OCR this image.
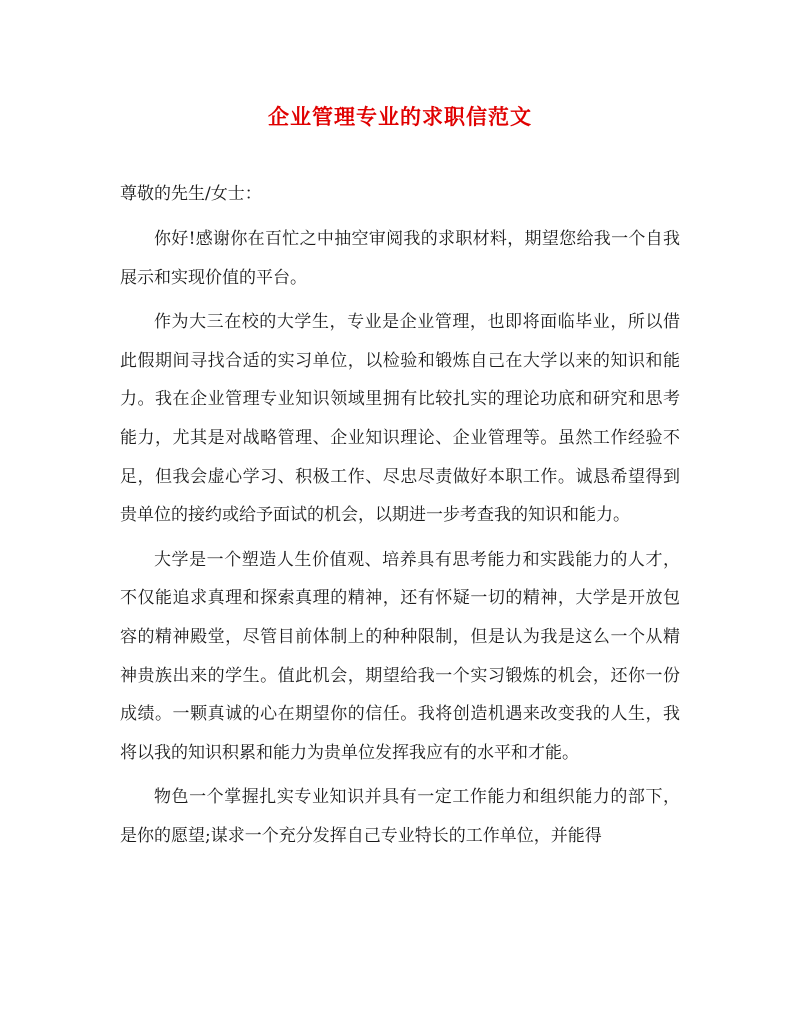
企业管理专业的求职信范文

尊敬的先生/女士：

你好!感谢你在百忙之中抽空审阅我的求职材料，期望您给我一个自我展示和实现价值的平台。

作为大三在校的大学生，专业是企业管理，也即将面临毕业，所以借此假期间寻找合适的实习单位，以检验和锻炼自己在大学以来的知识和能力。我在企业管理专业知识领域里拥有比较扎实的理论功底和研究和思考能力，尤其是对战略管理、企业知识理论、企业管理等。虽然工作经验不足，但我会虚心学习、积极工作、尽忠尽责做好本职工作。诚恳希望得到贵单位的接约或给予面试的机会，以期进一步考查我的知识和能力。

大学是一个塑造人生价值观、培养具有思考能力和实践能力的人才，不仅能追求真理和探索真理的精神，还有怀疑一切的精神，大学是开放包容的精神殿堂，尽管目前体制上的种种限制，但是认为我是这么一个从精神贵族出来的学生。值此机会，期望给我一个实习锻炼的机会，还你一份成绩。一颗真诚的心在期望你的信任。我将创造机遇来改变我的人生，我将以我的知识积累和能力为贵单位发挥我应有的水平和才能。

物色一个掌握扎实专业知识并具有一定工作能力和组织能力的部下，是你的愿望;谋求一个充分发挥自己专业特长的工作单位，并能得
